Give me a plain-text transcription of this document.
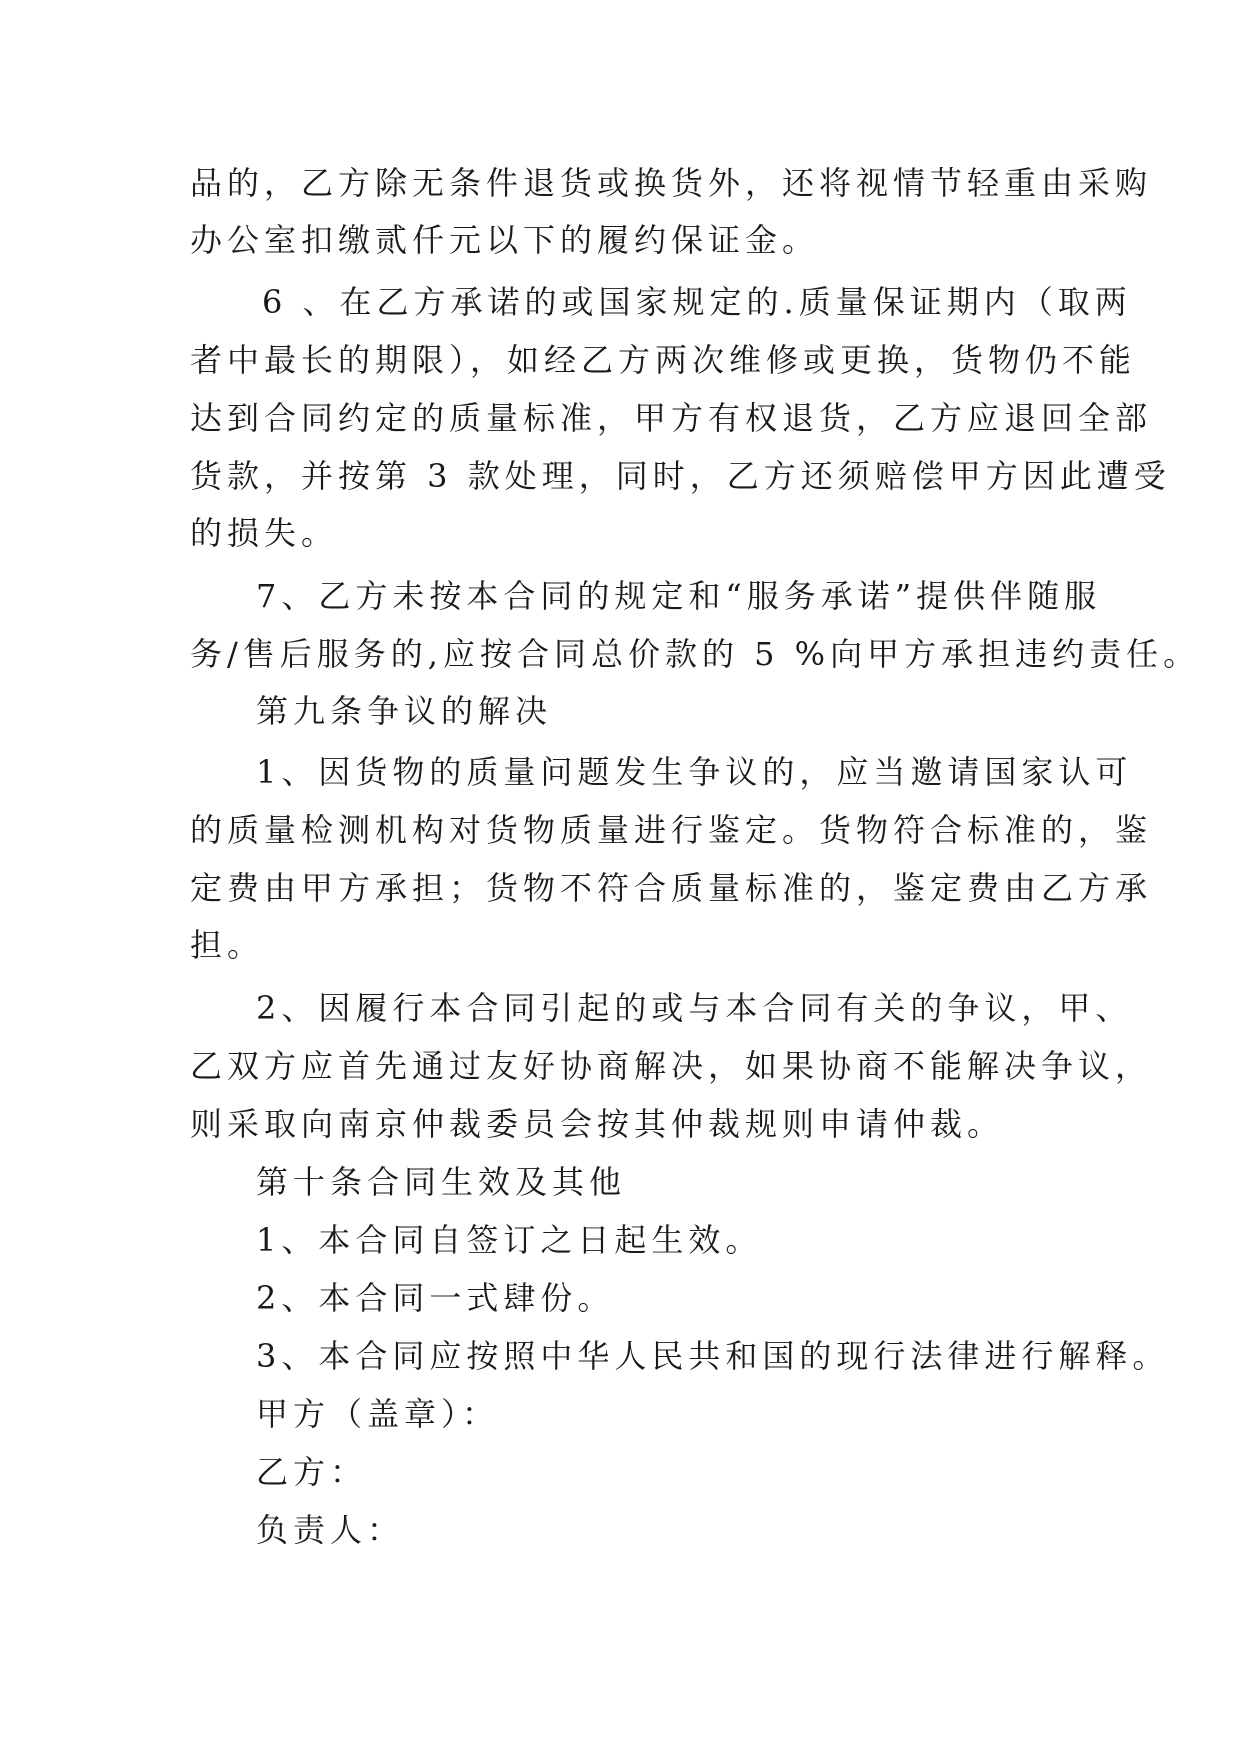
品的，乙方除无条件退货或换货外，还将视情节轻重由采购
办公室扣缴贰仟元以下的履约保证金。
6 、在乙方承诺的或国家规定的.质量保证期内（取两
者中最长的期限），如经乙方两次维修或更换，货物仍不能
达到合同约定的质量标准，甲方有权退货，乙方应退回全部
货款，并按第 3 款处理，同时，乙方还须赔偿甲方因此遭受
的损失。
7、乙方未按本合同的规定和“服务承诺”提供伴随服
务/售后服务的,应按合同总价款的 5 %向甲方承担违约责任。
第九条争议的解决
1、因货物的质量问题发生争议的，应当邀请国家认可
的质量检测机构对货物质量进行鉴定。货物符合标准的，鉴
定费由甲方承担；货物不符合质量标准的，鉴定费由乙方承
担。
2、因履行本合同引起的或与本合同有关的争议，甲、
乙双方应首先通过友好协商解决，如果协商不能解决争议，
则采取向南京仲裁委员会按其仲裁规则申请仲裁。
第十条合同生效及其他
1、本合同自签订之日起生效。
2、本合同一式肆份。
3、本合同应按照中华人民共和国的现行法律进行解释。
甲方（盖章）：
乙方：
负责人：
